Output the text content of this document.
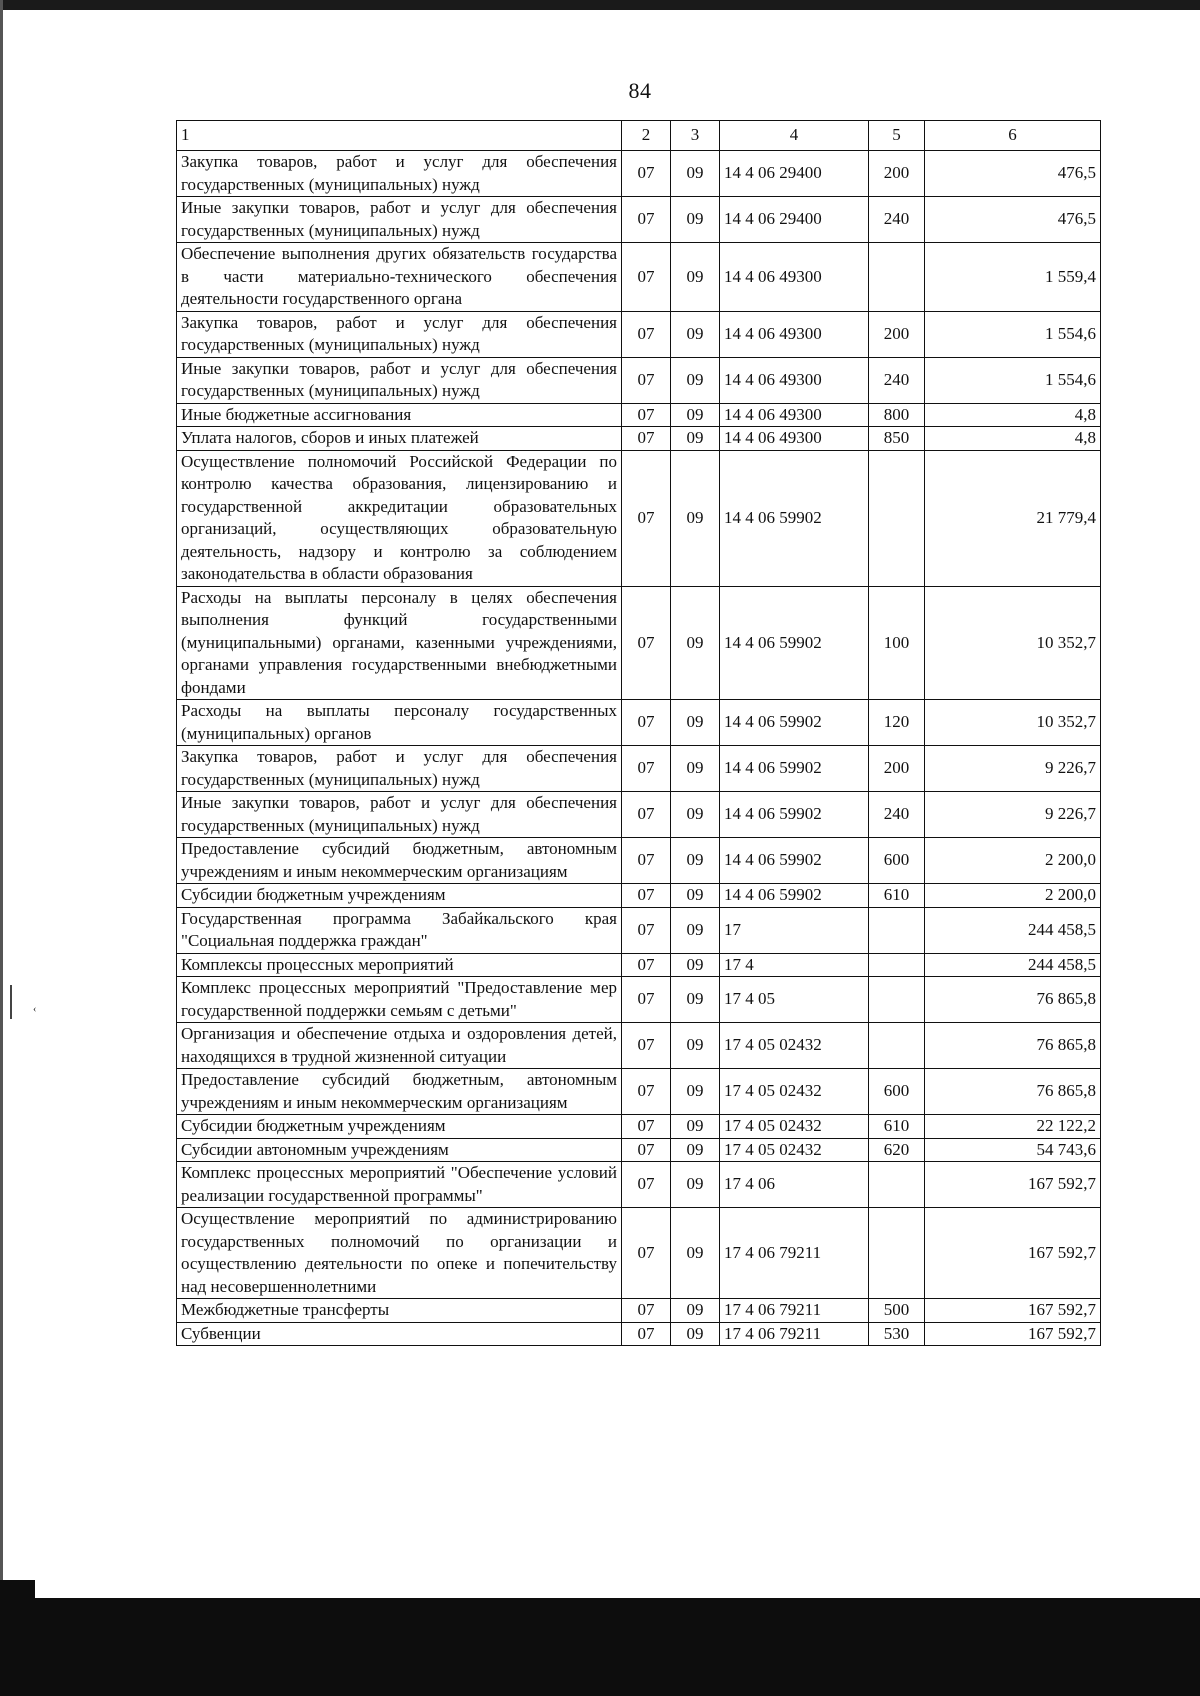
‹
84
1	2	3	4	5	6
Закупка товаров, работ и услуг для обеспечения государственных (муниципальных) нужд	07	09	14 4 06 29400	200	476,5
Иные закупки товаров, работ и услуг для обеспечения государственных (муниципальных) нужд	07	09	14 4 06 29400	240	476,5
Обеспечение выполнения других обязательств государства в части материально-технического обеспечения деятельности государственного органа	07	09	14 4 06 49300		1 559,4
Закупка товаров, работ и услуг для обеспечения государственных (муниципальных) нужд	07	09	14 4 06 49300	200	1 554,6
Иные закупки товаров, работ и услуг для обеспечения государственных (муниципальных) нужд	07	09	14 4 06 49300	240	1 554,6
Иные бюджетные ассигнования	07	09	14 4 06 49300	800	4,8
Уплата налогов, сборов и иных платежей	07	09	14 4 06 49300	850	4,8
Осуществление полномочий Российской Федерации по контролю качества образования, лицензированию и государственной аккредитации образовательных организаций, осуществляющих образовательную деятельность, надзору и контролю за соблюдением законодательства в области образования	07	09	14 4 06 59902		21 779,4
Расходы на выплаты персоналу в целях обеспечения выполнения функций государственными (муниципальными) органами, казенными учреждениями, органами управления государственными внебюджетными фондами	07	09	14 4 06 59902	100	10 352,7
Расходы на выплаты персоналу государственных (муниципальных) органов	07	09	14 4 06 59902	120	10 352,7
Закупка товаров, работ и услуг для обеспечения государственных (муниципальных) нужд	07	09	14 4 06 59902	200	9 226,7
Иные закупки товаров, работ и услуг для обеспечения государственных (муниципальных) нужд	07	09	14 4 06 59902	240	9 226,7
Предоставление субсидий бюджетным, автономным учреждениям и иным некоммерческим организациям	07	09	14 4 06 59902	600	2 200,0
Субсидии бюджетным учреждениям	07	09	14 4 06 59902	610	2 200,0
Государственная программа Забайкальского края "Социальная поддержка граждан"	07	09	17		244 458,5
Комплексы процессных мероприятий	07	09	17 4		244 458,5
Комплекс процессных мероприятий "Предоставление мер государственной поддержки семьям с детьми"	07	09	17 4 05		76 865,8
Организация и обеспечение отдыха и оздоровления детей, находящихся в трудной жизненной ситуации	07	09	17 4 05 02432		76 865,8
Предоставление субсидий бюджетным, автономным учреждениям и иным некоммерческим организациям	07	09	17 4 05 02432	600	76 865,8
Субсидии бюджетным учреждениям	07	09	17 4 05 02432	610	22 122,2
Субсидии автономным учреждениям	07	09	17 4 05 02432	620	54 743,6
Комплекс процессных мероприятий "Обеспечение условий реализации государственной программы"	07	09	17 4 06		167 592,7
Осуществление мероприятий по администрированию государственных полномочий по организации и осуществлению деятельности по опеке и попечительству над несовершеннолетними	07	09	17 4 06 79211		167 592,7
Межбюджетные трансферты	07	09	17 4 06 79211	500	167 592,7
Субвенции	07	09	17 4 06 79211	530	167 592,7
